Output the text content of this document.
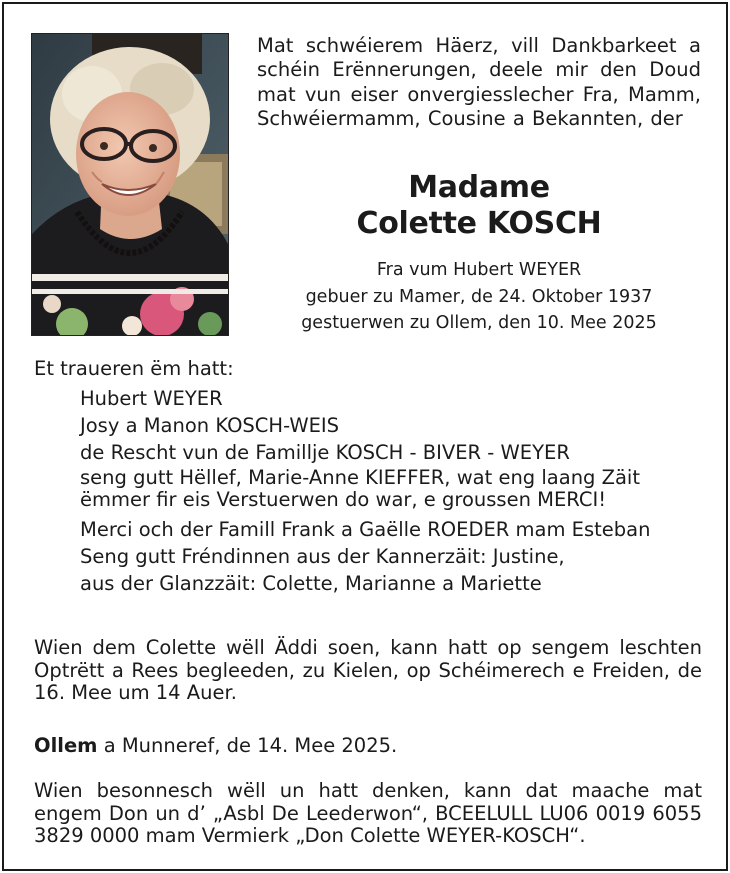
Mat schwéierem Häerz, vill Dankbarkeet a schéin Erënnerungen, deele mir den Doud mat vun eiser onvergiesslecher Fra, Mamm, Schwéiermamm, Cousine a Bekannten, der
Madame
Colette KOSCH
Fra vum Hubert WEYER
gebuer zu Mamer, de 24. Oktober 1937
gestuerwen zu Ollem, den 10. Mee 2025
Et traueren ëm hatt:
Hubert WEYER
Josy a Manon KOSCH-WEIS
de Rescht vun de Famillje KOSCH - BIVER - WEYER
seng gutt Hëllef, Marie-Anne KIEFFER, wat eng laang Zäit ëmmer fir eis Verstuerwen do war, e groussen MERCI!
Merci och der Famill Frank a Gaëlle ROEDER mam Esteban
Seng gutt Fréndinnen aus der Kannerzäit: Justine,
aus der Glanzzäit: Colette, Marianne a Mariette
Wien dem Colette wëll Äddi soen, kann hatt op sengem leschten Optrëtt a Rees begleeden, zu Kielen, op Schéimerech e Freiden, de 16. Mee um 14 Auer.
Ollem a Munneref, de 14. Mee 2025.
Wien besonnesch wëll un hatt denken, kann dat maache mat engem Don un d’ „Asbl De Leederwon“, BCEELULL LU06 0019 6055 3829 0000 mam Vermierk „Don Colette WEYER-KOSCH“.
